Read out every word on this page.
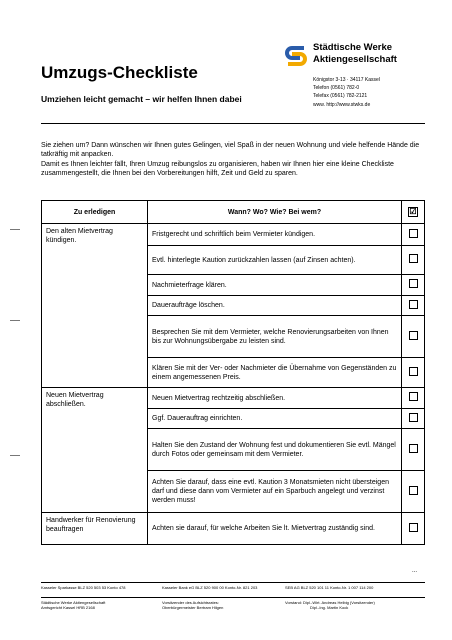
Umzugs-Checkliste
Umziehen leicht gemacht – wir helfen Ihnen dabei
Städtische Werke
Aktiengesellschaft
Königstor 3-13 · 34117 Kassel
Telefon (0561) 782-0
Telefax (0561) 782-2121
www. http://www.stwks.de
Sie ziehen um? Dann wünschen wir Ihnen gutes Gelingen, viel Spaß in der neuen Wohnung und viele helfende Hände die tatkräftig mit anpacken.
Damit es Ihnen leichter fällt, Ihren Umzug reibungslos zu organisieren, haben wir Ihnen hier eine kleine Checkliste zusammengestellt, die Ihnen bei den Vorbereitungen hilft, Zeit und Geld zu sparen.
Zu erledigen	Wann? Wo? Wie? Bei wem?	☑
Den alten Mietvertrag kündigen.	Fristgerecht und schriftlich beim Vermieter kündigen.	
	Evtl. hinterlegte Kaution zurückzahlen lassen (auf Zinsen achten).	
	Nachmieterfrage klären.	
	Daueraufträge löschen.	
	Besprechen Sie mit dem Vermieter, welche Renovierungsarbeiten von Ihnen bis zur Wohnungsübergabe zu leisten sind.	
	Klären Sie mit der Ver- oder Nachmieter die Übernahme von Gegenständen zu einem angemessenen Preis.	
Neuen Mietvertrag abschließen.	Neuen Mietvertrag rechtzeitig abschließen.	
	Ggf. Dauerauftrag einrichten.	
	Halten Sie den Zustand der Wohnung fest und dokumentieren Sie evtl. Mängel durch Fotos oder gemeinsam mit dem Vermieter.	
	Achten Sie darauf, dass eine evtl. Kaution 3 Monatsmieten nicht übersteigen darf und diese dann vom Vermieter auf ein Sparbuch angelegt und verzinst werden muss!	
Handwerker für Renovierung beauftragen	Achten sie darauf, für welche Arbeiten Sie lt. Mietvertrag zuständig sind.	
...
Kasseler Sparkasse BLZ 520 503 53 Konto 478	Kasseler Bank eG BLZ 520 900 00 Konto-Nr. 821 203	SEB AG BLZ 520 101 11 Konto-Nr. 1 007 114 200
Städtische Werke Aktiengesellschaft
Amtsgericht Kassel HRB 2168
Vorsitzender des Aufsichtsrates:
Oberbürgermeister Bertram Hilgen
Vorstand: Dipl.-Wirt. Andreas Helbig (Vorsitzender)
Dipl.-Ing. Martin Kock
